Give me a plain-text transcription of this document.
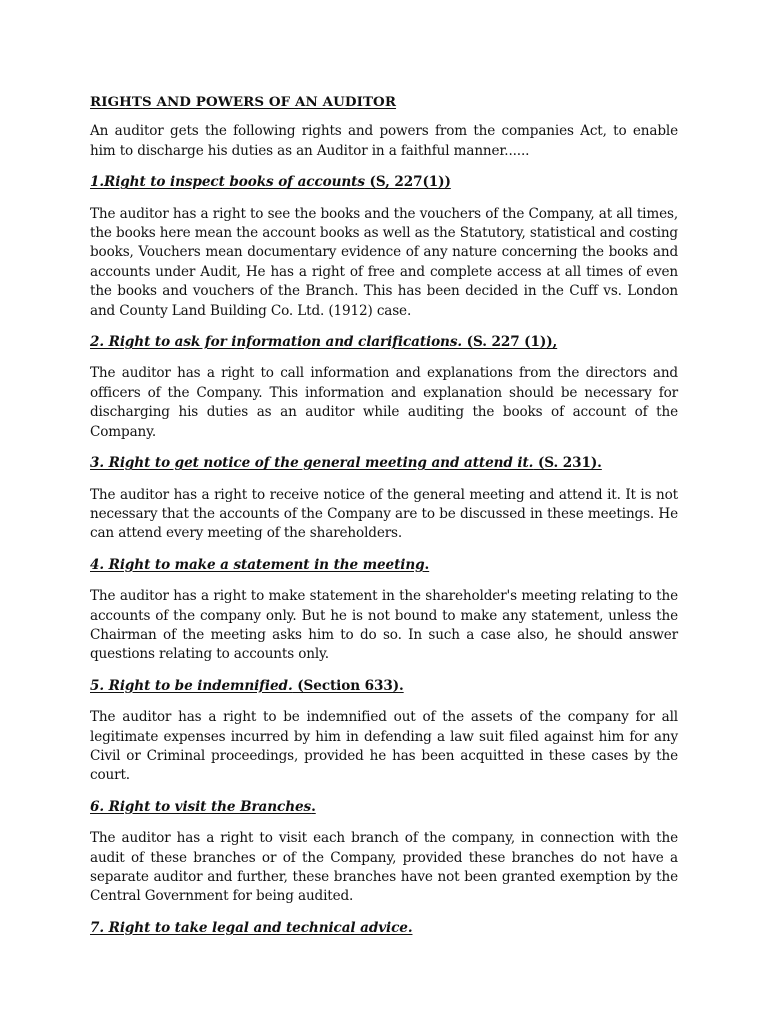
RIGHTS AND POWERS OF AN AUDITOR

An auditor gets the following rights and powers from the companies Act, to enable him to discharge his duties as an Auditor in a faithful manner......

1.Right to inspect books of accounts (S, 227(1))

The auditor has a right to see the books and the vouchers of the Company, at all times, the books here mean the account books as well as the Statutory, statistical and costing books, Vouchers mean documentary evidence of any nature concerning the books and accounts under Audit, He has a right of free and complete access at all times of even the books and vouchers of the Branch. This has been decided in the Cuff vs. London and County Land Building Co. Ltd. (1912) case.

2. Right to ask for information and clarifications. (S. 227 (1)),

The auditor has a right to call information and explanations from the directors and officers of the Company. This information and explanation should be necessary for discharging his duties as an auditor while auditing the books of account of the Company.

3. Right to get notice of the general meeting and attend it. (S. 231).

The auditor has a right to receive notice of the general meeting and attend it. It is not necessary that the accounts of the Company are to be discussed in these meetings. He can attend every meeting of the shareholders.

4. Right to make a statement in the meeting.

The auditor has a right to make statement in the shareholder's meeting relating to the accounts of the company only. But he is not bound to make any statement, unless the Chairman of the meeting asks him to do so. In such a case also, he should answer questions relating to accounts only.

5. Right to be indemnified. (Section 633).

The auditor has a right to be indemnified out of the assets of the company for all legitimate expenses incurred by him in defending a law suit filed against him for any Civil or Criminal proceedings, provided he has been acquitted in these cases by the court.

6. Right to visit the Branches.

The auditor has a right to visit each branch of the company, in connection with the audit of these branches or of the Company, provided these branches do not have a separate auditor and further, these branches have not been granted exemption by the Central Government for being audited.

7. Right to take legal and technical advice.
